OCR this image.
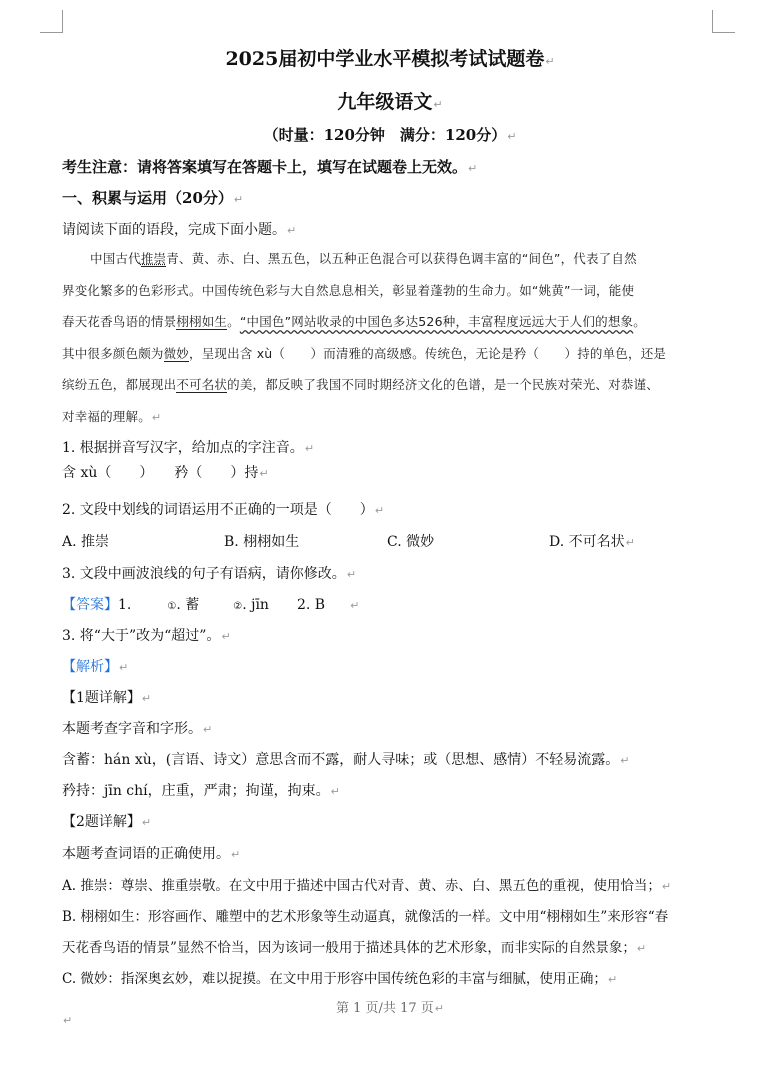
2025届初中学业水平模拟考试试题卷↵
九年级语文↵
（时量：120分钟　满分：120分）↵
考生注意：请将答案填写在答题卡上，填写在试题卷上无效。↵
一、积累与运用（20分）↵
请阅读下面的语段，完成下面小题。↵
中国古代推崇青、黄、赤、白、黑五色，以五种正色混合可以获得色调丰富的“间色”，代表了自然
界变化繁多的色彩形式。中国传统色彩与大自然息息相关，彰显着蓬勃的生命力。如“姚黄”一词，能使
春天花香鸟语的情景栩栩如生。“中国色”网站收录的中国色多达526种，丰富程度远远大于人们的想象。
其中很多颜色颇为微妙，呈现出含 xù（　　）而清雅的高级感。传统色，无论是矜（　　）持的单色，还是
缤纷五色，都展现出不可名状的美，都反映了我国不同时期经济文化的色谱，是一个民族对荣光、对恭谨、
对幸福的理解。↵
1. 根据拼音写汉字，给加点的字注音。↵
含 xù（　　）　　矜（　　）持↵
2. 文段中划线的词语运用不正确的一项是（　　）↵
A. 推崇	B. 栩栩如生	C. 微妙	D. 不可名状↵
3. 文段中画波浪线的句子有语病，请你修改。↵
【答案】1.	①. 蓄	②. jīn 2. B ↵
3. 将“大于”改为“超过”。↵
【解析】↵
【1题详解】↵
本题考查字音和字形。↵
含蓄：hán xù，(言语、诗文）意思含而不露，耐人寻味；或（思想、感情）不轻易流露。↵
矜持：jīn chí，庄重，严肃；拘谨，拘束。↵
【2题详解】↵
本题考查词语的正确使用。↵
A. 推崇：尊崇、推重崇敬。在文中用于描述中国古代对青、黄、赤、白、黑五色的重视，使用恰当；↵
B. 栩栩如生：形容画作、雕塑中的艺术形象等生动逼真，就像活的一样。文中用“栩栩如生”来形容“春
天花香鸟语的情景”显然不恰当，因为该词一般用于描述具体的艺术形象，而非实际的自然景象；↵
C. 微妙：指深奥玄妙，难以捉摸。在文中用于形容中国传统色彩的丰富与细腻，使用正确；↵
第 1 页/共 17 页↵
↵
